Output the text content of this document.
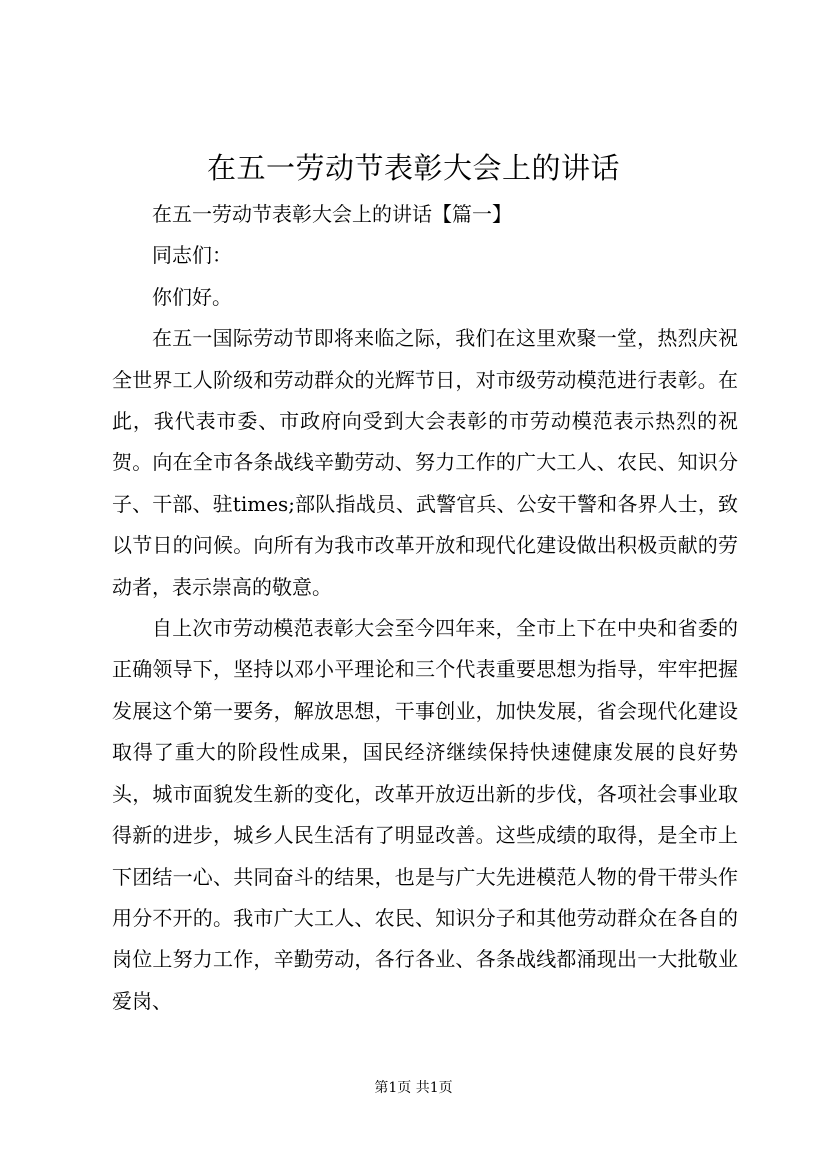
在五一劳动节表彰大会上的讲话

在五一劳动节表彰大会上的讲话【篇一】

同志们：

你们好。

在五一国际劳动节即将来临之际，我们在这里欢聚一堂，热烈庆祝全世界工人阶级和劳动群众的光辉节日，对市级劳动模范进行表彰。在此，我代表市委、市政府向受到大会表彰的市劳动模范表示热烈的祝贺。向在全市各条战线辛勤劳动、努力工作的广大工人、农民、知识分子、干部、驻times;部队指战员、武警官兵、公安干警和各界人士，致以节日的问候。向所有为我市改革开放和现代化建设做出积极贡献的劳动者，表示崇高的敬意。

自上次市劳动模范表彰大会至今四年来，全市上下在中央和省委的正确领导下，坚持以邓小平理论和三个代表重要思想为指导，牢牢把握发展这个第一要务，解放思想，干事创业，加快发展，省会现代化建设取得了重大的阶段性成果，国民经济继续保持快速健康发展的良好势头，城市面貌发生新的变化，改革开放迈出新的步伐，各项社会事业取得新的进步，城乡人民生活有了明显改善。这些成绩的取得，是全市上下团结一心、共同奋斗的结果，也是与广大先进模范人物的骨干带头作用分不开的。我市广大工人、农民、知识分子和其他劳动群众在各自的岗位上努力工作，辛勤劳动，各行各业、各条战线都涌现出一大批敬业爱岗、

第1页 共1页
